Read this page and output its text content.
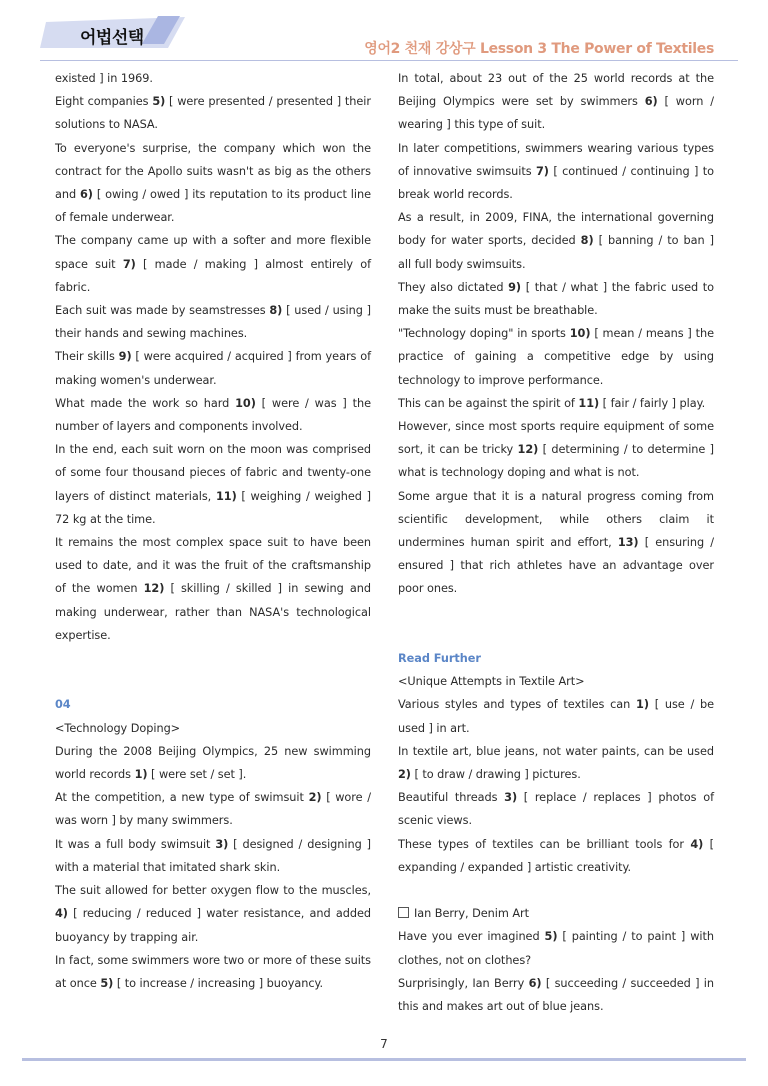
어법선택
영어2 천재 강상구 Lesson 3 The Power of Textiles

existed ] in 1969.

Eight companies 5) [ were presented / presented ] their solutions to NASA.

To everyone's surprise, the company which won the contract for the Apollo suits wasn't as big as the others and 6) [ owing / owed ] its reputation to its product line of female underwear.

The company came up with a softer and more flexible space suit 7) [ made / making ] almost entirely of fabric.

Each suit was made by seamstresses 8) [ used / using ] their hands and sewing machines.

Their skills 9) [ were acquired / acquired ] from years of making women's underwear.

What made the work so hard 10) [ were / was ] the number of layers and components involved.

In the end, each suit worn on the moon was comprised of some four thousand pieces of fabric and twenty-one layers of distinct materials, 11) [ weighing / weighed ] 72 kg at the time.

It remains the most complex space suit to have been used to date, and it was the fruit of the craftsmanship of the women 12) [ skilling / skilled ] in sewing and making underwear, rather than NASA's technological expertise.

04

<Technology Doping>

During the 2008 Beijing Olympics, 25 new swimming world records 1) [ were set / set ].

At the competition, a new type of swimsuit 2) [ wore / was worn ] by many swimmers.

It was a full body swimsuit 3) [ designed / designing ] with a material that imitated shark skin.

The suit allowed for better oxygen flow to the muscles, 4) [ reducing / reduced ] water resistance, and added buoyancy by trapping air.

In fact, some swimmers wore two or more of these suits at once 5) [ to increase / increasing ] buoyancy.

In total, about 23 out of the 25 world records at the Beijing Olympics were set by swimmers 6) [ worn / wearing ] this type of suit.

In later competitions, swimmers wearing various types of innovative swimsuits 7) [ continued / continuing ] to break world records.

As a result, in 2009, FINA, the international governing body for water sports, decided 8) [ banning / to ban ] all full body swimsuits.

They also dictated 9) [ that / what ] the fabric used to make the suits must be breathable.

"Technology doping" in sports 10) [ mean / means ] the practice of gaining a competitive edge by using technology to improve performance.

This can be against the spirit of 11) [ fair / fairly ] play.

However, since most sports require equipment of some sort, it can be tricky 12) [ determining / to determine ] what is technology doping and what is not.

Some argue that it is a natural progress coming from scientific development, while others claim it undermines human spirit and effort, 13) [ ensuring / ensured ] that rich athletes have an advantage over poor ones.

Read Further

<Unique Attempts in Textile Art>

Various styles and types of textiles can 1) [ use / be used ] in art.

In textile art, blue jeans, not water paints, can be used 2) [ to draw / drawing ] pictures.

Beautiful threads 3) [ replace / replaces ] photos of scenic views.

These types of textiles can be brilliant tools for 4) [ expanding / expanded ] artistic creativity.

Ian Berry, Denim Art

Have you ever imagined 5) [ painting / to paint ] with clothes, not on clothes?

Surprisingly, Ian Berry 6) [ succeeding / succeeded ] in this and makes art out of blue jeans.

7
